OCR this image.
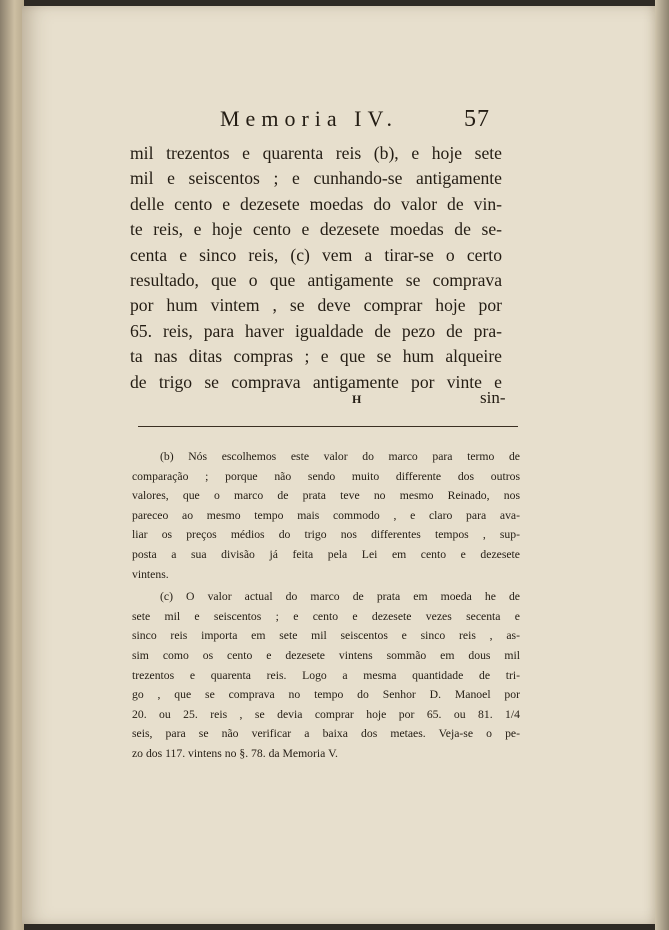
Memoria IV.	57
mil trezentos e quarenta reis (b), e hoje sete
mil e seiscentos ; e cunhando-se antigamente
delle cento e dezesete moedas do valor de vin-
te reis, e hoje cento e dezesete moedas de se-
centa e sinco reis, (c) vem a tirar-se o certo
resultado, que o que antigamente se comprava
por hum vintem , se deve comprar hoje por
65. reis, para haver igualdade de pezo de pra-
ta nas ditas compras ; e que se hum alqueire
de trigo se comprava antigamente por vinte e
H	sin-
(b) Nós escolhemos este valor do marco para termo de
comparação ; porque não sendo muito differente dos outros
valores, que o marco de prata teve no mesmo Reinado, nos
pareceo ao mesmo tempo mais commodo , e claro para ava-
liar os preços médios do trigo nos differentes tempos , sup-
posta a sua divisão já feita pela Lei em cento e dezesete
vintens.
(c) O valor actual do marco de prata em moeda he de
sete mil e seiscentos ; e cento e dezesete vezes secenta e
sinco reis importa em sete mil seiscentos e sinco reis , as-
sim como os cento e dezesete vintens sommão em dous mil
trezentos e quarenta reis. Logo a mesma quantidade de tri-
go , que se comprava no tempo do Senhor D. Manoel por
20. ou 25. reis , se devia comprar hoje por 65. ou 81. 1/4
seis, para se não verificar a baixa dos metaes. Veja-se o pe-
zo dos 117. vintens no §. 78. da Memoria V.
